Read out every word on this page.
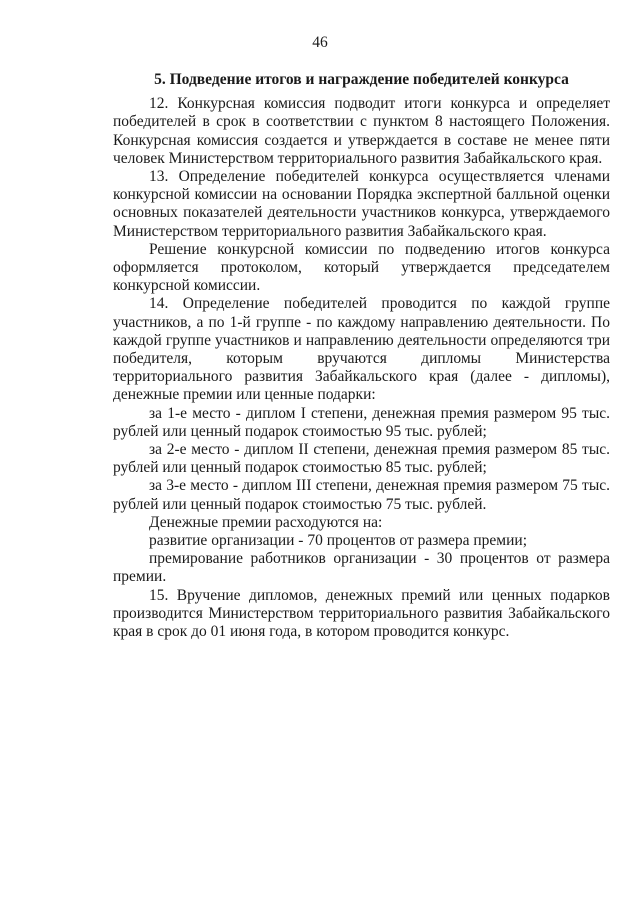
46
5. Подведение итогов и награждение победителей конкурса

12. Конкурсная комиссия подводит итоги конкурса и определяет победителей в срок в соответствии с пунктом 8 настоящего Положения. Конкурсная комиссия создается и утверждается в составе не менее пяти человек Министерством территориального развития Забайкальского края.

13. Определение победителей конкурса осуществляется членами конкурсной комиссии на основании Порядка экспертной балльной оценки основных показателей деятельности участников конкурса, утверждаемого Министерством территориального развития Забайкальского края.

Решение конкурсной комиссии по подведению итогов конкурса оформляется протоколом, который утверждается председателем конкурсной комиссии.

14. Определение победителей проводится по каждой группе участников, а по 1-й группе - по каждому направлению деятельности. По каждой группе участников и направлению деятельности определяются три победителя, которым вручаются дипломы Министерства территориального развития Забайкальского края (далее - дипломы), денежные премии или ценные подарки:

за 1-е место - диплом I степени, денежная премия размером 95 тыс. рублей или ценный подарок стоимостью 95 тыс. рублей;

за 2-е место - диплом II степени, денежная премия размером 85 тыс. рублей или ценный подарок стоимостью 85 тыс. рублей;

за 3-е место - диплом III степени, денежная премия размером 75 тыс. рублей или ценный подарок стоимостью 75 тыс. рублей.

Денежные премии расходуются на:

развитие организации - 70 процентов от размера премии;

премирование работников организации - 30 процентов от размера премии.

15. Вручение дипломов, денежных премий или ценных подарков производится Министерством территориального развития Забайкальского края в срок до 01 июня года, в котором проводится конкурс.
